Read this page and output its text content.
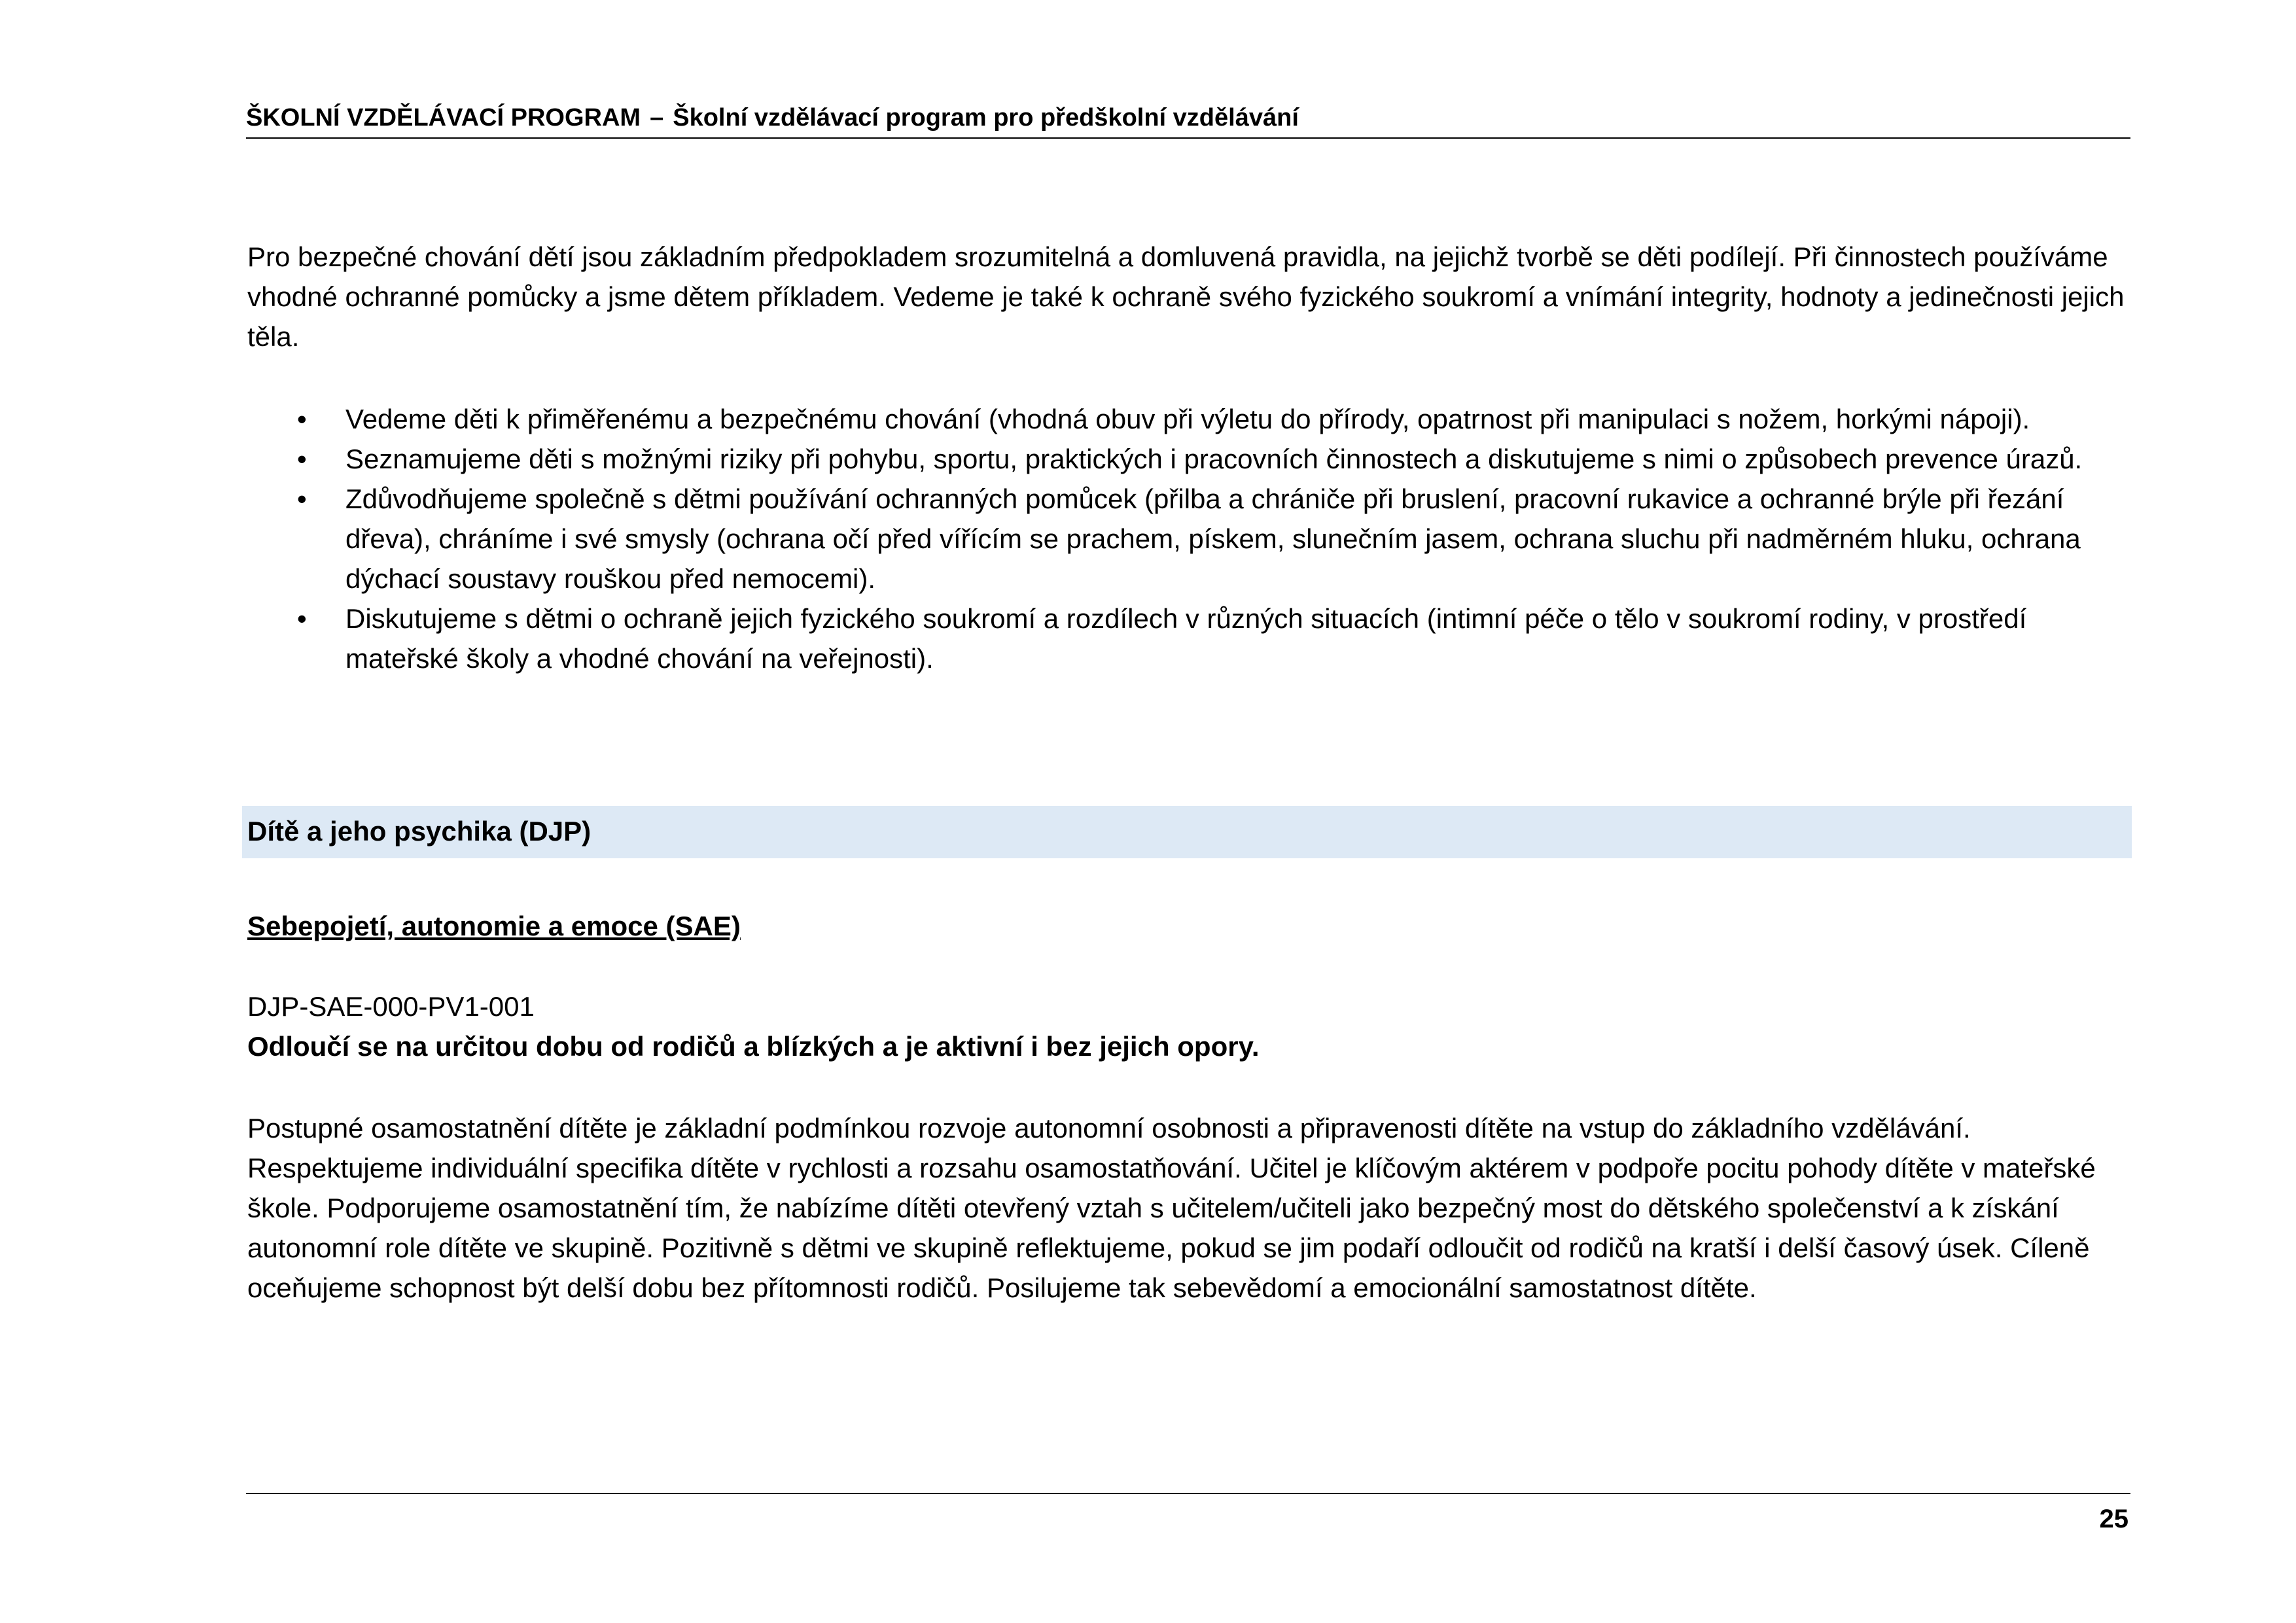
ŠKOLNÍ VZDĚLÁVACÍ PROGRAM – Školní vzdělávací program pro předškolní vzdělávání
Pro bezpečné chování dětí jsou základním předpokladem srozumitelná a domluvená pravidla, na jejichž tvorbě se děti podílejí. Při činnostech používáme vhodné ochranné pomůcky a jsme dětem příkladem. Vedeme je také k ochraně svého fyzického soukromí a vnímání integrity, hodnoty a jedinečnosti jejich těla.
• Vedeme děti k přiměřenému a bezpečnému chování (vhodná obuv při výletu do přírody, opatrnost při manipulaci s nožem, horkými nápoji).
• Seznamujeme děti s možnými riziky při pohybu, sportu, praktických i pracovních činnostech a diskutujeme s nimi o způsobech prevence úrazů.
• Zdůvodňujeme společně s dětmi používání ochranných pomůcek (přilba a chrániče při bruslení, pracovní rukavice a ochranné brýle při řezání dřeva), chráníme i své smysly (ochrana očí před vířícím se prachem, pískem, slunečním jasem, ochrana sluchu při nadměrném hluku, ochrana dýchací soustavy rouškou před nemocemi).
• Diskutujeme s dětmi o ochraně jejich fyzického soukromí a rozdílech v různých situacích (intimní péče o tělo v soukromí rodiny, v prostředí mateřské školy a vhodné chování na veřejnosti).
Dítě a jeho psychika (DJP)
Sebepojetí, autonomie a emoce (SAE)
DJP-SAE-000-PV1-001
Odloučí se na určitou dobu od rodičů a blízkých a je aktivní i bez jejich opory.
Postupné osamostatnění dítěte je základní podmínkou rozvoje autonomní osobnosti a připravenosti dítěte na vstup do základního vzdělávání. Respektujeme individuální specifika dítěte v rychlosti a rozsahu osamostatňování. Učitel je klíčovým aktérem v podpoře pocitu pohody dítěte v mateřské škole. Podporujeme osamostatnění tím, že nabízíme dítěti otevřený vztah s učitelem/učiteli jako bezpečný most do dětského společenství a k získání autonomní role dítěte ve skupině. Pozitivně s dětmi ve skupině reflektujeme, pokud se jim podaří odloučit od rodičů na kratší i delší časový úsek. Cíleně oceňujeme schopnost být delší dobu bez přítomnosti rodičů. Posilujeme tak sebevědomí a emocionální samostatnost dítěte.
25
